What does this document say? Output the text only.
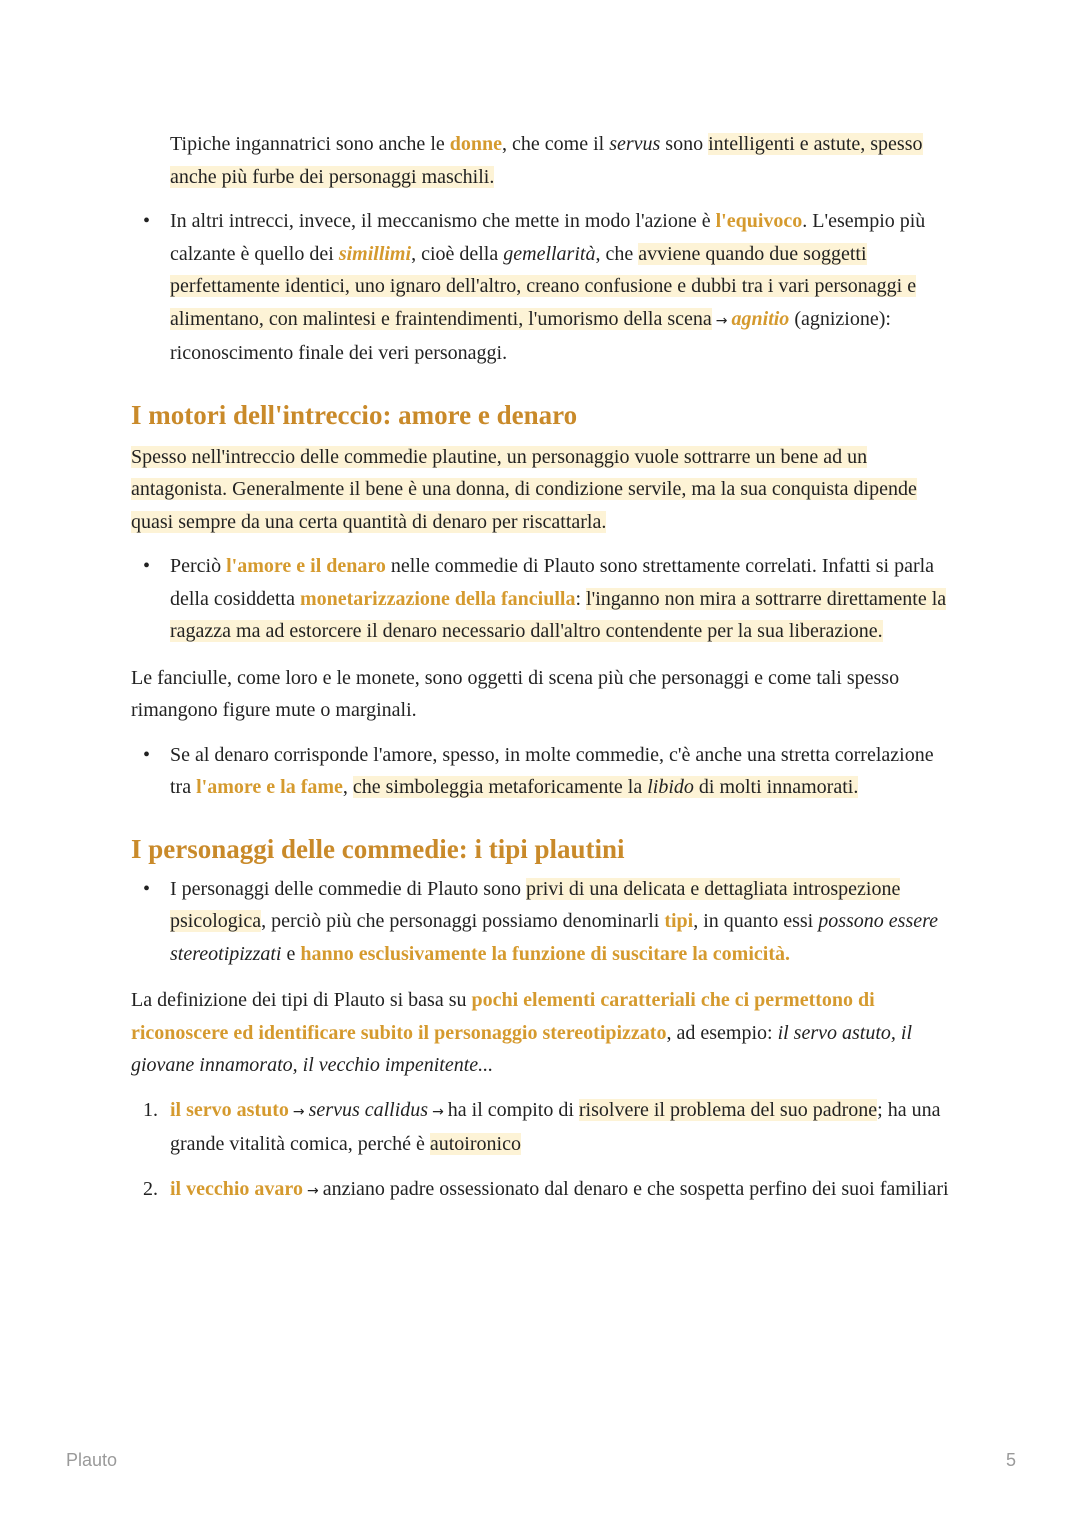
Tipiche ingannatrici sono anche le donne, che come il servus sono intelligenti e astute, spesso anche più furbe dei personaggi maschili.

• In altri intrecci, invece, il meccanismo che mette in modo l'azione è l'equivoco. L'esempio più calzante è quello dei simillimi, cioè della gemellarità, che avviene quando due soggetti perfettamente identici, uno ignaro dell'altro, creano confusione e dubbi tra i vari personaggi e alimentano, con malintesi e fraintendimenti, l'umorismo della scena → agnitio (agnizione): riconoscimento finale dei veri personaggi.

I motori dell'intreccio: amore e denaro

Spesso nell'intreccio delle commedie plautine, un personaggio vuole sottrarre un bene ad un antagonista. Generalmente il bene è una donna, di condizione servile, ma la sua conquista dipende quasi sempre da una certa quantità di denaro per riscattarla.

• Perciò l'amore e il denaro nelle commedie di Plauto sono strettamente correlati. Infatti si parla della cosiddetta monetarizzazione della fanciulla: l'inganno non mira a sottrarre direttamente la ragazza ma ad estorcere il denaro necessario dall'altro contendente per la sua liberazione.

Le fanciulle, come loro e le monete, sono oggetti di scena più che personaggi e come tali spesso rimangono figure mute o marginali.

• Se al denaro corrisponde l'amore, spesso, in molte commedie, c'è anche una stretta correlazione tra l'amore e la fame, che simboleggia metaforicamente la libido di molti innamorati.

I personaggi delle commedie: i tipi plautini

• I personaggi delle commedie di Plauto sono privi di una delicata e dettagliata introspezione psicologica, perciò più che personaggi possiamo denominarli tipi, in quanto essi possono essere stereotipizzati e hanno esclusivamente la funzione di suscitare la comicità.

La definizione dei tipi di Plauto si basa su pochi elementi caratteriali che ci permettono di riconoscere ed identificare subito il personaggio stereotipizzato, ad esempio: il servo astuto, il giovane innamorato, il vecchio impenitente...

1. il servo astuto → servus callidus → ha il compito di risolvere il problema del suo padrone; ha una grande vitalità comica, perché è autoironico

2. il vecchio avaro → anziano padre ossessionato dal denaro e che sospetta perfino dei suoi familiari

Plauto	5
